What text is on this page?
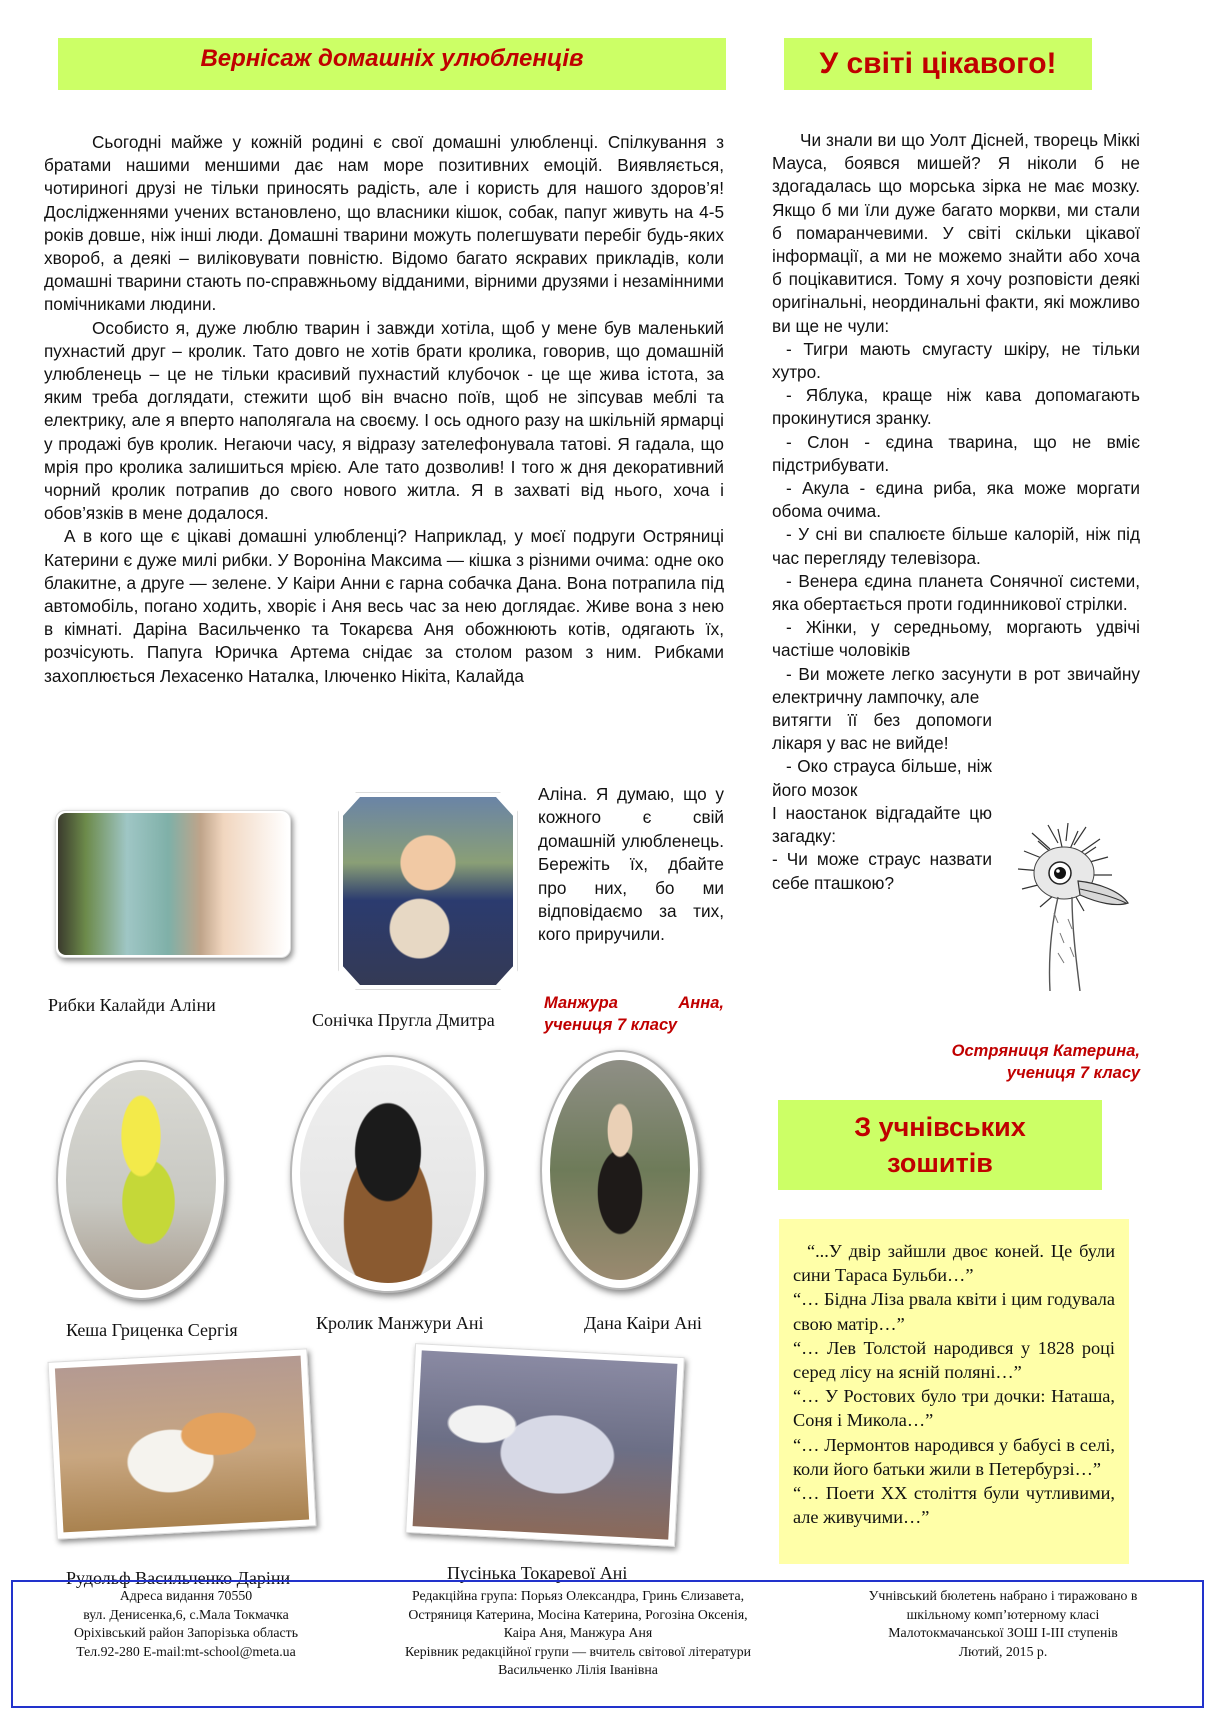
Вернісаж домашніх улюбленців	У світі цікавого!

Сьогодні майже у кожній родині є свої домашні улюбленці. Спілкування з братами нашими меншими дає нам море позитивних емоцій. Виявляється, чотириногі друзі не тільки приносять радість, але і користь для нашого здоров’я! Дослідженнями учених встановлено, що власники кішок, собак, папуг живуть на 4-5 років довше, ніж інші люди. Домашні тварини можуть полегшувати перебіг будь-яких хвороб, а деякі – виліковувати повністю. Відомо багато яскравих прикладів, коли домашні тварини стають по-справжньому відданими, вірними друзями і незамінними помічниками людини.

Особисто я, дуже люблю тварин і завжди хотіла, щоб у мене був маленький пухнастий друг – кролик. Тато довго не хотів брати кролика, говорив, що домашній улюбленець – це не тільки красивий пухнастий клубочок - це ще жива істота, за яким треба доглядати, стежити щоб він вчасно поїв, щоб не зіпсував меблі та електрику, але я вперто наполягала на своєму. І ось одного разу на шкільній ярмарці у продажі був кролик. Негаючи часу, я відразу зателефонувала татові. Я гадала, що мрія про кролика залишиться мрією. Але тато дозволив! І того ж дня декоративний чорний кролик потрапив до свого нового житла. Я в захваті від нього, хоча і обов’язків в мене додалося.

А в кого ще є цікаві домашні улюбленці? Наприклад, у моєї подруги Остряниці Катерини є дуже милі рибки. У Вороніна Максима — кішка з різними очима: одне око блакитне, а друге — зелене. У Каіри Анни є гарна собачка Дана. Вона потрапила під автомобіль, погано ходить, хворіє і Аня весь час за нею доглядає. Живе вона з нею в кімнаті. Даріна Васильченко та Токарєва Аня обожнюють котів, одягають їх, розчісують. Папуга Юричка Артема снідає за столом разом з ним. Рибками захоплюється Лехасенко Наталка, Ілюченко Нікіта, Калайда

Аліна. Я думаю, що у кожного є свій домашній улюбленець. Бережіть їх, дбайте про них, бо ми відповідаємо за тих, кого приручили.
Рибки Калайди Аліни
Сонічка Пругла Дмитра
Манжура	Анна,
учениця 7 класу
Кеша Гриценка Сергія	Кролик Манжури Ані	Дана Каіри Ані
Рудольф Васильченко Даріни	Пусінька Токаревої Ані

Чи знали ви що Уолт Дісней, творець Міккі Мауса, боявся мишей? Я ніколи б не здогадалась що морська зірка не має мозку. Якщо б ми їли дуже багато моркви, ми стали б помаранчевими. У світі скільки цікавої інформації, а ми не можемо знайти або хоча б поцікавитися. Тому я хочу розповісти деякі оригінальні, неординальні факти, які можливо ви ще не чули:

- Тигри мають смугасту шкіру, не тільки хутро.

- Яблука, краще ніж кава допомагають прокинутися зранку.

- Слон - єдина тварина, що не вміє підстрибувати.

- Акула - єдина риба, яка може моргати обома очима.

- У сні ви спалюєте більше калорій, ніж під час перегляду телевізора.

- Венера єдина планета Сонячної системи, яка обертається проти годинникової стрілки.

- Жінки, у середньому, моргають удвічі частіше чоловіків

- Ви можете легко засунути в рот звичайну електричну лампочку, але

витягти її без допомоги лікаря у вас не вийде!

- Око страуса більше, ніж його мозок

І наостанок відгадайте цю загадку:

- Чи може страус назвати себе пташкою?

Остряниця Катерина,
учениця 7 класу
З учнівських
зошитів

“...У двір зайшли двоє коней. Це були сини Тараса Бульби…”

“… Бідна Ліза рвала квіти і цим годувала свою матір…”

“… Лев Толстой народився у 1828 році серед лісу на ясній поляні…”

“… У Ростових було три дочки: Наташа, Соня і Микола…”

“… Лермонтов народився у бабусі в селі, коли його батьки жили в Петербурзі…”

“… Поети ХХ століття були чутливими, але живучими…”

Адреса видання 70550
вул. Денисенка,6, с.Мала Токмачка
Оріхівський район Запорізька область
Тел.92-280 E-mail:mt-school@meta.ua
Редакційна група: Порьяз Олександра, Гринь Єлизавета,
Остряниця Катерина, Мосіна Катерина, Рогозіна Оксенія,
Каіра Аня, Манжура Аня
Керівник редакційної групи — вчитель світової літератури
Васильченко Лілія Іванівна
Учнівський бюлетень набрано і тиражовано в
шкільному комп’ютерному класі
Малотокмачанської ЗОШ І-ІІІ ступенів
Лютий, 2015 р.
